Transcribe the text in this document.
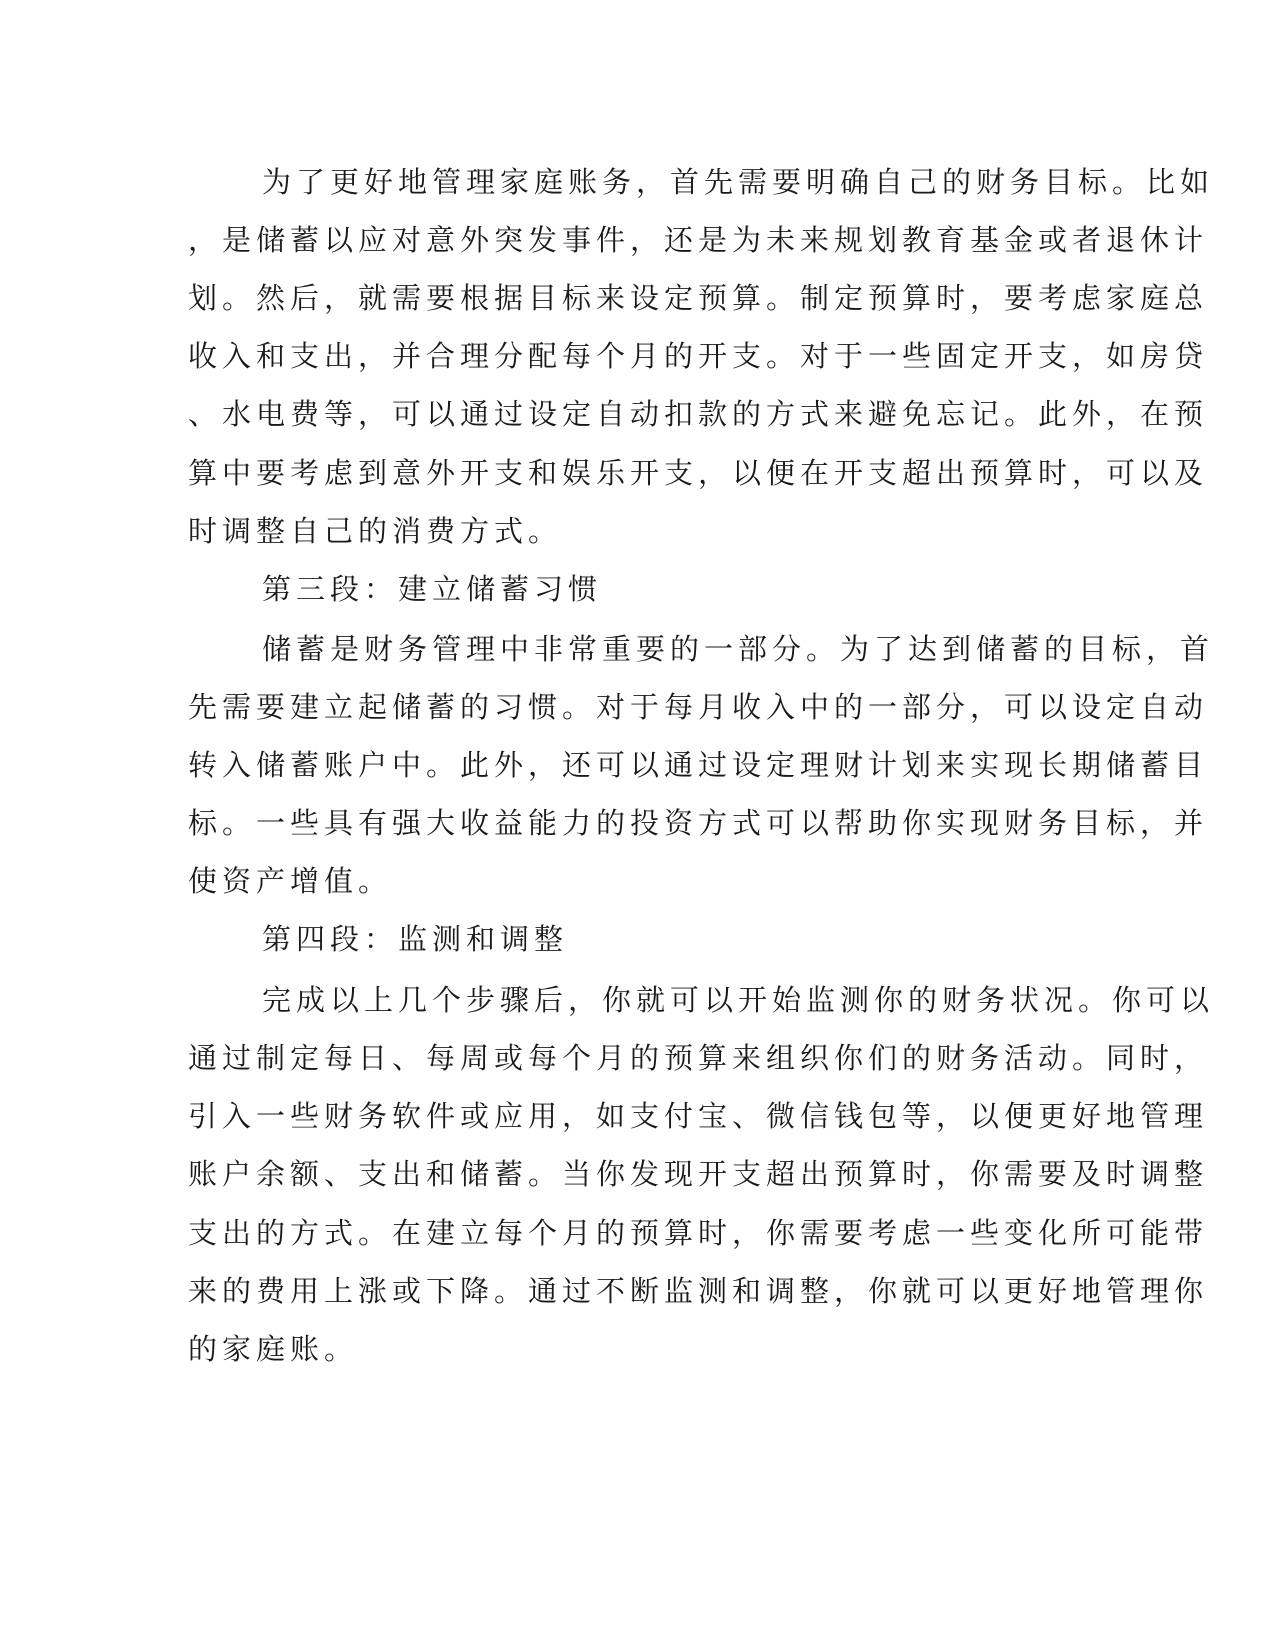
为了更好地管理家庭账务，首先需要明确自己的财务目标。比如
，是储蓄以应对意外突发事件，还是为未来规划教育基金或者退休计
划。然后，就需要根据目标来设定预算。制定预算时，要考虑家庭总
收入和支出，并合理分配每个月的开支。对于一些固定开支，如房贷
、水电费等，可以通过设定自动扣款的方式来避免忘记。此外，在预
算中要考虑到意外开支和娱乐开支，以便在开支超出预算时，可以及
时调整自己的消费方式。
第三段：建立储蓄习惯
储蓄是财务管理中非常重要的一部分。为了达到储蓄的目标，首
先需要建立起储蓄的习惯。对于每月收入中的一部分，可以设定自动
转入储蓄账户中。此外，还可以通过设定理财计划来实现长期储蓄目
标。一些具有强大收益能力的投资方式可以帮助你实现财务目标，并
使资产增值。
第四段：监测和调整
完成以上几个步骤后，你就可以开始监测你的财务状况。你可以
通过制定每日、每周或每个月的预算来组织你们的财务活动。同时，
引入一些财务软件或应用，如支付宝、微信钱包等，以便更好地管理
账户余额、支出和储蓄。当你发现开支超出预算时，你需要及时调整
支出的方式。在建立每个月的预算时，你需要考虑一些变化所可能带
来的费用上涨或下降。通过不断监测和调整，你就可以更好地管理你
的家庭账。
